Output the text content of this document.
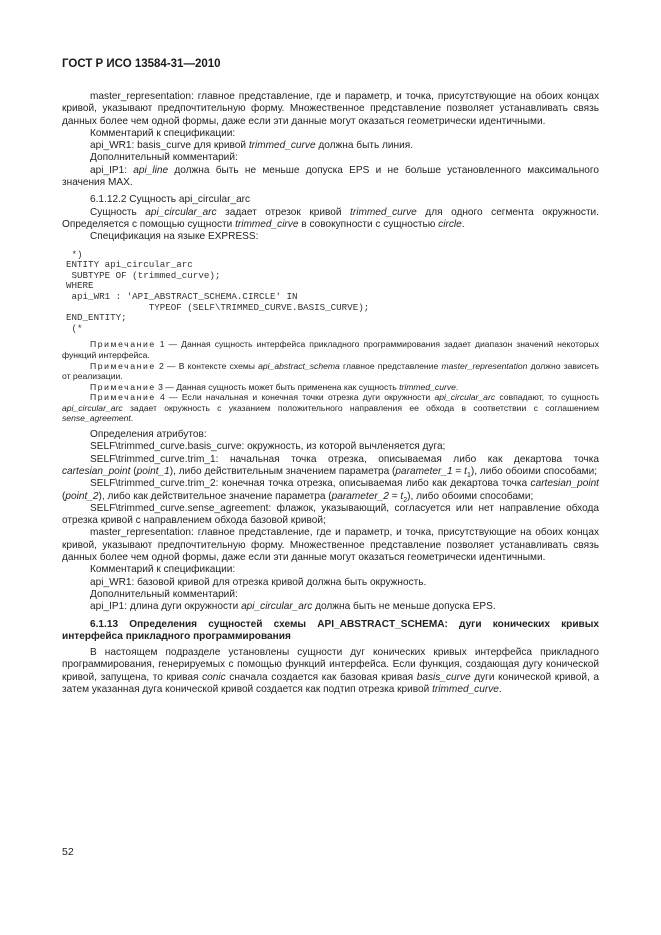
ГОСТ Р ИСО 13584-31—2010

master_representation: главное представление, где и параметр, и точка, присутствующие на обоих концах кривой, указывают предпочтительную форму. Множественное представление позволяет устанавливать связь данных более чем одной формы, даже если эти данные могут оказаться геометрически идентичными.

Комментарий к спецификации:

api_WR1: basis_curve для кривой trimmed_curve должна быть линия.

Дополнительный комментарий:

api_IP1: api_line должна быть не меньше допуска EPS и не больше установленного максимального значения MAX.

6.1.12.2 Сущность api_circular_arc

Сущность api_circular_arc задает отрезок кривой trimmed_curve для одного сегмента окружности. Определяется с помощью сущности trimmed_cirve в совокупности с сущностью circle.

Спецификация на языке EXPRESS:

*)
ENTITY api_circular_arc
SUBTYPE OF (trimmed_curve);
WHERE
api_WR1 : 'API_ABSTRACT_SCHEMA.CIRCLE' IN
TYPEOF (SELF\TRIMMED_CURVE.BASIS_CURVE);
END_ENTITY;
(*

Примечание 1 — Данная сущность интерфейса прикладного программирования задает диапазон значений некоторых функций интерфейса.

Примечание 2 — В контексте схемы api_abstract_schema главное представление master_representation должно зависеть от реализации.

Примечание 3 — Данная сущность может быть применена как сущность trimmed_curve.

Примечание 4 — Если начальная и конечная точки отрезка дуги окружности api_circular_arc совпадают, то сущность api_circular_arc задает окружность с указанием положительного направления ее обхода в соответствии с соглашением sense_agreement.

Определения атрибутов:

SELF\trimmed_curve.basis_curve: окружность, из которой вычленяется дуга;

SELF\trimmed_curve.trim_1: начальная точка отрезка, описываемая либо как декартова точка cartesian_point (point_1), либо действительным значением параметра (parameter_1 = $t_1$), либо обоими способами;

SELF\trimmed_curve.trim_2: конечная точка отрезка, описываемая либо как декартова точка cartesian_point (point_2), либо как действительное значение параметра (parameter_2 = $t_2$), либо обоими способами;

SELF\trimmed_curve.sense_agreement: флажок, указывающий, согласуется или нет направление обхода отрезка кривой с направлением обхода базовой кривой;

master_representation: главное представление, где и параметр, и точка, присутствующие на обоих концах кривой, указывают предпочтительную форму. Множественное представление позволяет устанавливать связь данных более чем одной формы, даже если эти данные могут оказаться геометрически идентичными.

Комментарий к спецификации:

api_WR1: базовой кривой для отрезка кривой должна быть окружность.

Дополнительный комментарий:

api_IP1: длина дуги окружности api_circular_arc должна быть не меньше допуска EPS.

6.1.13 Определения сущностей схемы API_ABSTRACT_SCHEMA: дуги конических кривых интерфейса прикладного программирования

В настоящем подразделе установлены сущности дуг конических кривых интерфейса прикладного программирования, генерируемых с помощью функций интерфейса. Если функция, создающая дугу конической кривой, запущена, то кривая conic сначала создается как базовая кривая basis_curve дуги конической кривой, а затем указанная дуга конической кривой создается как подтип отрезка кривой trimmed_curve.

52
